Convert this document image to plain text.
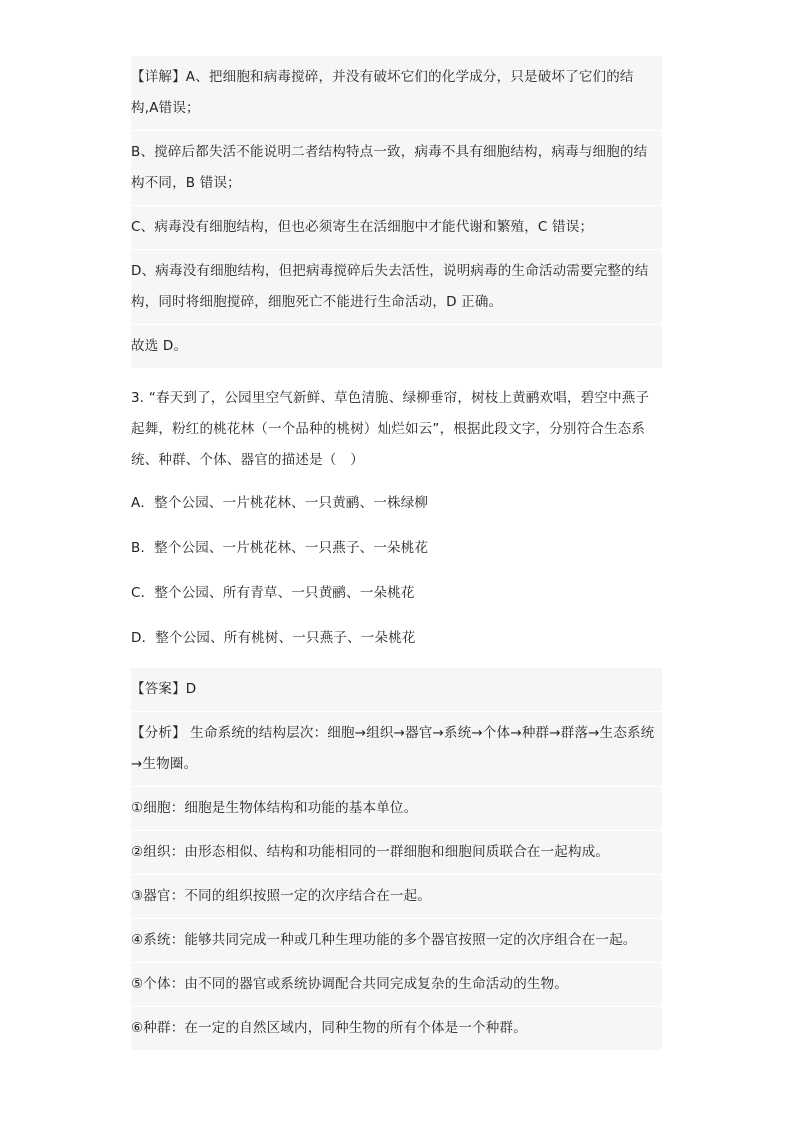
【详解】A、把细胞和病毒搅碎，并没有破坏它们的化学成分，只是破坏了它们的结构,A错误；

B、搅碎后都失活不能说明二者结构特点一致，病毒不具有细胞结构，病毒与细胞的结构不同，B 错误；

C、病毒没有细胞结构，但也必须寄生在活细胞中才能代谢和繁殖，C 错误；

D、病毒没有细胞结构，但把病毒搅碎后失去活性，说明病毒的生命活动需要完整的结构，同时将细胞搅碎，细胞死亡不能进行生命活动，D 正确。

故选 D。

3. “春天到了，公园里空气新鲜、草色清脆、绿柳垂帘，树枝上黄鹂欢唱，碧空中燕子起舞，粉红的桃花林（一个品种的桃树）灿烂如云”，根据此段文字，分别符合生态系统、种群、个体、器官的描述是（　）

A．整个公园、一片桃花林、一只黄鹂、一株绿柳

B．整个公园、一片桃花林、一只燕子、一朵桃花

C．整个公园、所有青草、一只黄鹂、一朵桃花

D．整个公园、所有桃树、一只燕子、一朵桃花

【答案】D

【分析】 生命系统的结构层次：细胞→组织→器官→系统→个体→种群→群落→生态系统→生物圈。

①细胞：细胞是生物体结构和功能的基本单位。

②组织：由形态相似、结构和功能相同的一群细胞和细胞间质联合在一起构成。

③器官：不同的组织按照一定的次序结合在一起。

④系统：能够共同完成一种或几种生理功能的多个器官按照一定的次序组合在一起。

⑤个体：由不同的器官或系统协调配合共同完成复杂的生命活动的生物。

⑥种群：在一定的自然区域内，同种生物的所有个体是一个种群。
